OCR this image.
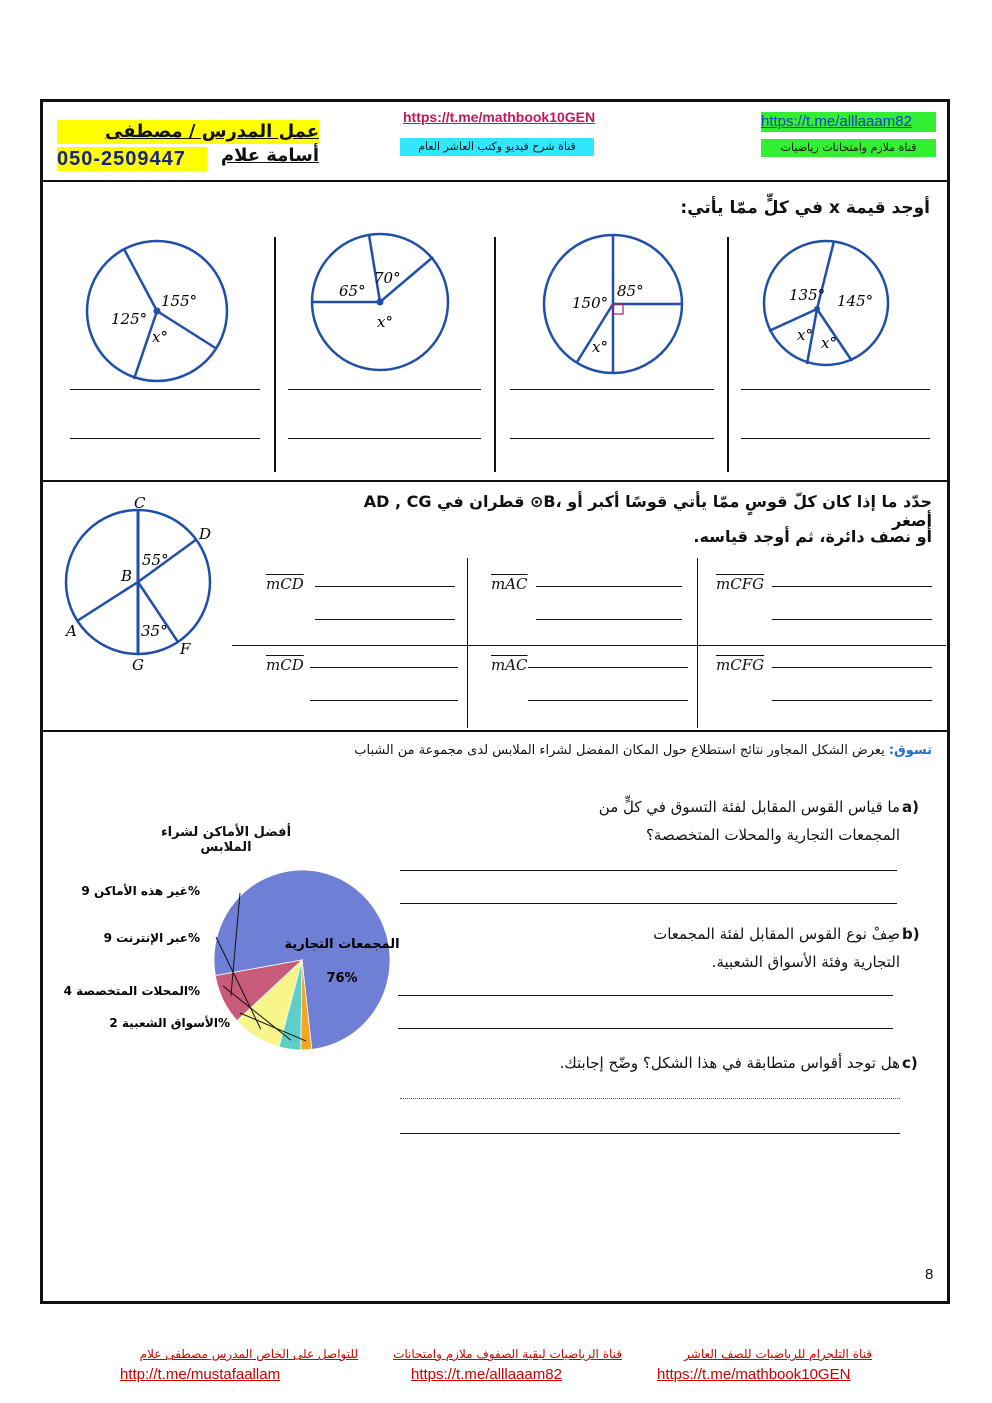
عمل المدرس / مصطفى أسامة علام
050-2509447
https://t.me/mathbook10GEN
قناة شرح فيديو وكتب العاشر العام
https://t.me/alllaaam82
قناة ملازم وامتحانات رياضيات
أوجد قيمة x في كلٍّ ممّا يأتي:
125°
155°
x°
65°
70°
x°
150°
85°
x°
135° 145°
x° x°
AD , CG قطران في ⊙B، حدّد ما إذا كان كلّ قوسٍ ممّا يأتي قوسًا أكبر أو أصغر
أو نصف دائرة، ثم أوجد قياسه.
C
D
B
A
F
G
55°
35°
$\overline{mCD}$	$\overline{mAC}$	mCFG
$\overline{mCD}$	$\overline{mAC}$	mCFG
تسوق: يعرض الشكل المجاور نتائج استطلاعٍ حول المكان المفضل لشراء الملابس لدى مجموعة من الشباب
a)
ما قياس القوس المقابل لفئة التسوق في كلٍّ من
المجمعات التجارية والمحلات المتخصصة؟
b)
صِفْ نوع القوس المقابل لفئة المجمعات
التجارية وفئة الأسواق الشعبية.
c)
هل توجد أقواس متطابقة في هذا الشكل؟ وضّح إجابتك.
أفضل الأماكن لشراء الملابس
المجمعات التجارية
76%
الأسواق الشعبية 2%
المحلات المتخصصة 4%
عبر الإنترنت 9%
غير هذه الأماكن 9%
8
للتواصل على الخاص المدرس مصطفى علام
http://t.me/mustafaallam
قناة الرياضيات لبقية الصفوف ملازم وامتحانات
https://t.me/alllaaam82
قناة التلجرام للرياضيات للصف العاشر
https://t.me/mathbook10GEN
